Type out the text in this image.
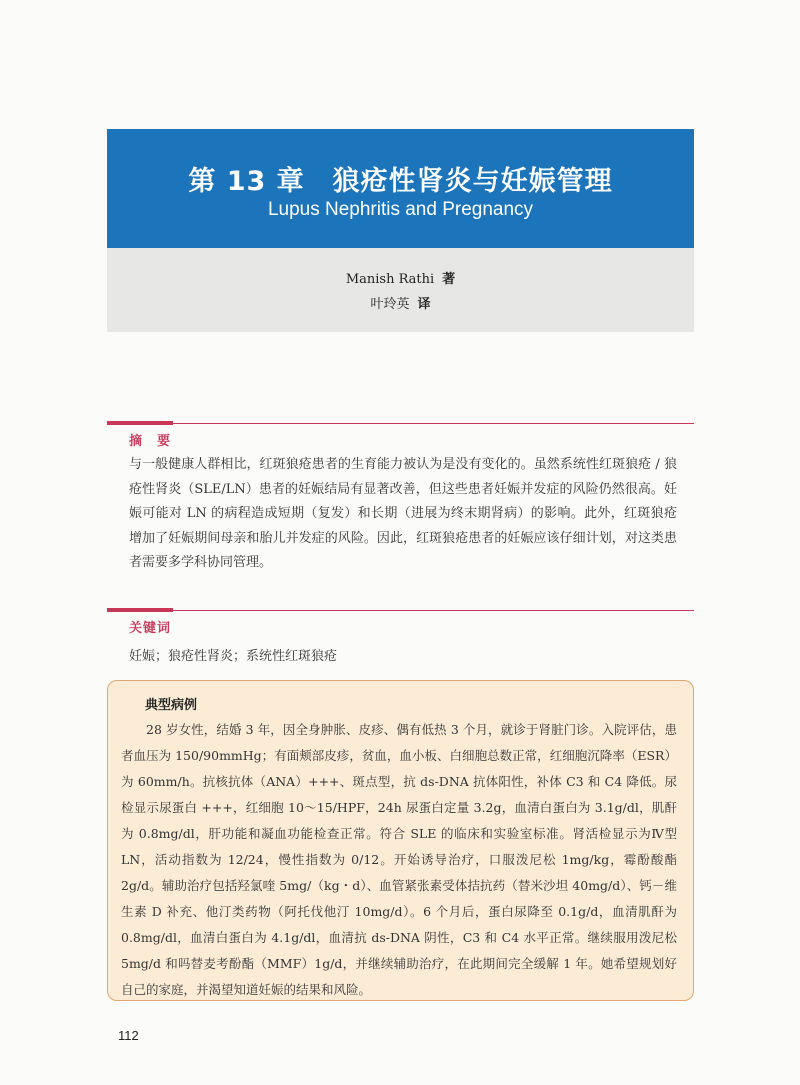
第 13 章　狼疮性肾炎与妊娠管理
Lupus Nephritis and Pregnancy
Manish Rathi 著
叶玲英 译
摘　要
与一般健康人群相比，红斑狼疮患者的生育能力被认为是没有变化的。虽然系统性红斑狼疮 / 狼疮性肾炎（SLE/LN）患者的妊娠结局有显著改善，但这些患者妊娠并发症的风险仍然很高。妊娠可能对 LN 的病程造成短期（复发）和长期（进展为终末期肾病）的影响。此外，红斑狼疮增加了妊娠期间母亲和胎儿并发症的风险。因此，红斑狼疮患者的妊娠应该仔细计划，对这类患者需要多学科协同管理。
关键词
妊娠；狼疮性肾炎；系统性红斑狼疮
典型病例
28 岁女性，结婚 3 年，因全身肿胀、皮疹、偶有低热 3 个月，就诊于肾脏门诊。入院评估，患者血压为 150/90mmHg；有面颊部皮疹，贫血，血小板、白细胞总数正常，红细胞沉降率（ESR）为 60mm/h。抗核抗体（ANA）+++、斑点型，抗 ds-DNA 抗体阳性，补体 C3 和 C4 降低。尿检显示尿蛋白 +++，红细胞 10～15/HPF，24h 尿蛋白定量 3.2g，血清白蛋白为 3.1g/dl，肌酐为 0.8mg/dl，肝功能和凝血功能检查正常。符合 SLE 的临床和实验室标准。肾活检显示为Ⅳ型 LN，活动指数为 12/24，慢性指数为 0/12。开始诱导治疗，口服泼尼松 1mg/kg，霉酚酸酯 2g/d。辅助治疗包括羟氯喹 5mg/（kg・d）、血管紧张素受体拮抗药（替米沙坦 40mg/d）、钙－维生素 D 补充、他汀类药物（阿托伐他汀 10mg/d）。6 个月后，蛋白尿降至 0.1g/d，血清肌酐为 0.8mg/dl，血清白蛋白为 4.1g/dl，血清抗 ds-DNA 阴性，C3 和 C4 水平正常。继续服用泼尼松 5mg/d 和吗替麦考酚酯（MMF）1g/d，并继续辅助治疗，在此期间完全缓解 1 年。她希望规划好自己的家庭，并渴望知道妊娠的结果和风险。
112
